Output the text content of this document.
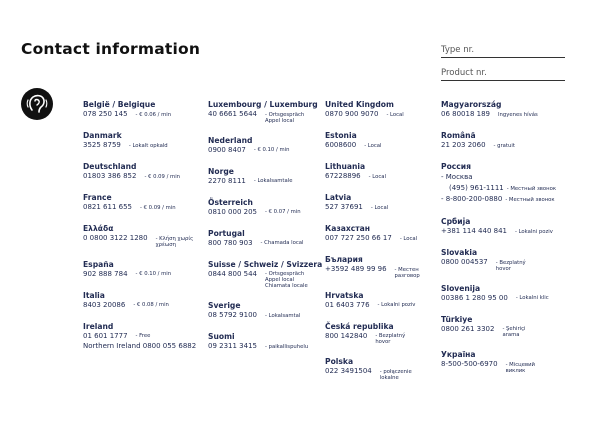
Contact information	Type nr.
Product nr.
België / Belgique
078 250 145 - € 0.06 / min
Danmark
3525 8759 - Lokalt opkald
Deutschland
01803 386 852 - € 0.09 / min
France
0821 611 655 - € 0.09 / min
Ελλάδα
0 0800 3122 1280 - Κλήση χωρίς χρέωση
España
902 888 784 - € 0.10 / min
Italia
8403 20086 - € 0.08 / min
Ireland
01 601 1777 - Free
Northern Ireland 0800 055 6882
Luxembourg / Luxemburg
40 6661 5644 - Ortsgespräch Appel local
Nederland
0900 8407 - € 0.10 / min
Norge
2270 8111 - Lokalsamtale
Österreich
0810 000 205 - € 0.07 / min
Portugal
800 780 903 - Chamada local
Suisse / Schweiz / Svizzera
0844 800 544 - Ortsgespräch Appel local Chiamata locale
Sverige
08 5792 9100 - Lokalsamtal
Suomi
09 2311 3415 - paikallispuhelu
United Kingdom
0870 900 9070 - Local
Estonia
6008600 - Local
Lithuania
67228896 - Local
Latvia
527 37691 - Local
Казахстан
007 727 250 66 17 - Local
Бълария
+3592 489 99 96 - Местен разговор
Hrvatska
01 6403 776 - Lokalni poziv
Česká republika
800 142840 - Bezplatný hovor
Polska
022 3491504 - połączenie lokalne
Magyarország
06 80018 189 Ingyenes hívás
Românã
21 203 2060 - gratuit
Россия
- Москва
(495) 961-1111 - Местный звонок
- 8-800-200-0880 - Местный звонок
Србија
+381 114 440 841 - Lokalni poziv
Slovakia
0800 004537 - Bezplatný hovor
Slovenija
00386 1 280 95 00 - Lokalni klic
Türkiye
0800 261 3302 - Şehiriçi arama
Україна
8-500-500-6970 - Місцевий виклик
